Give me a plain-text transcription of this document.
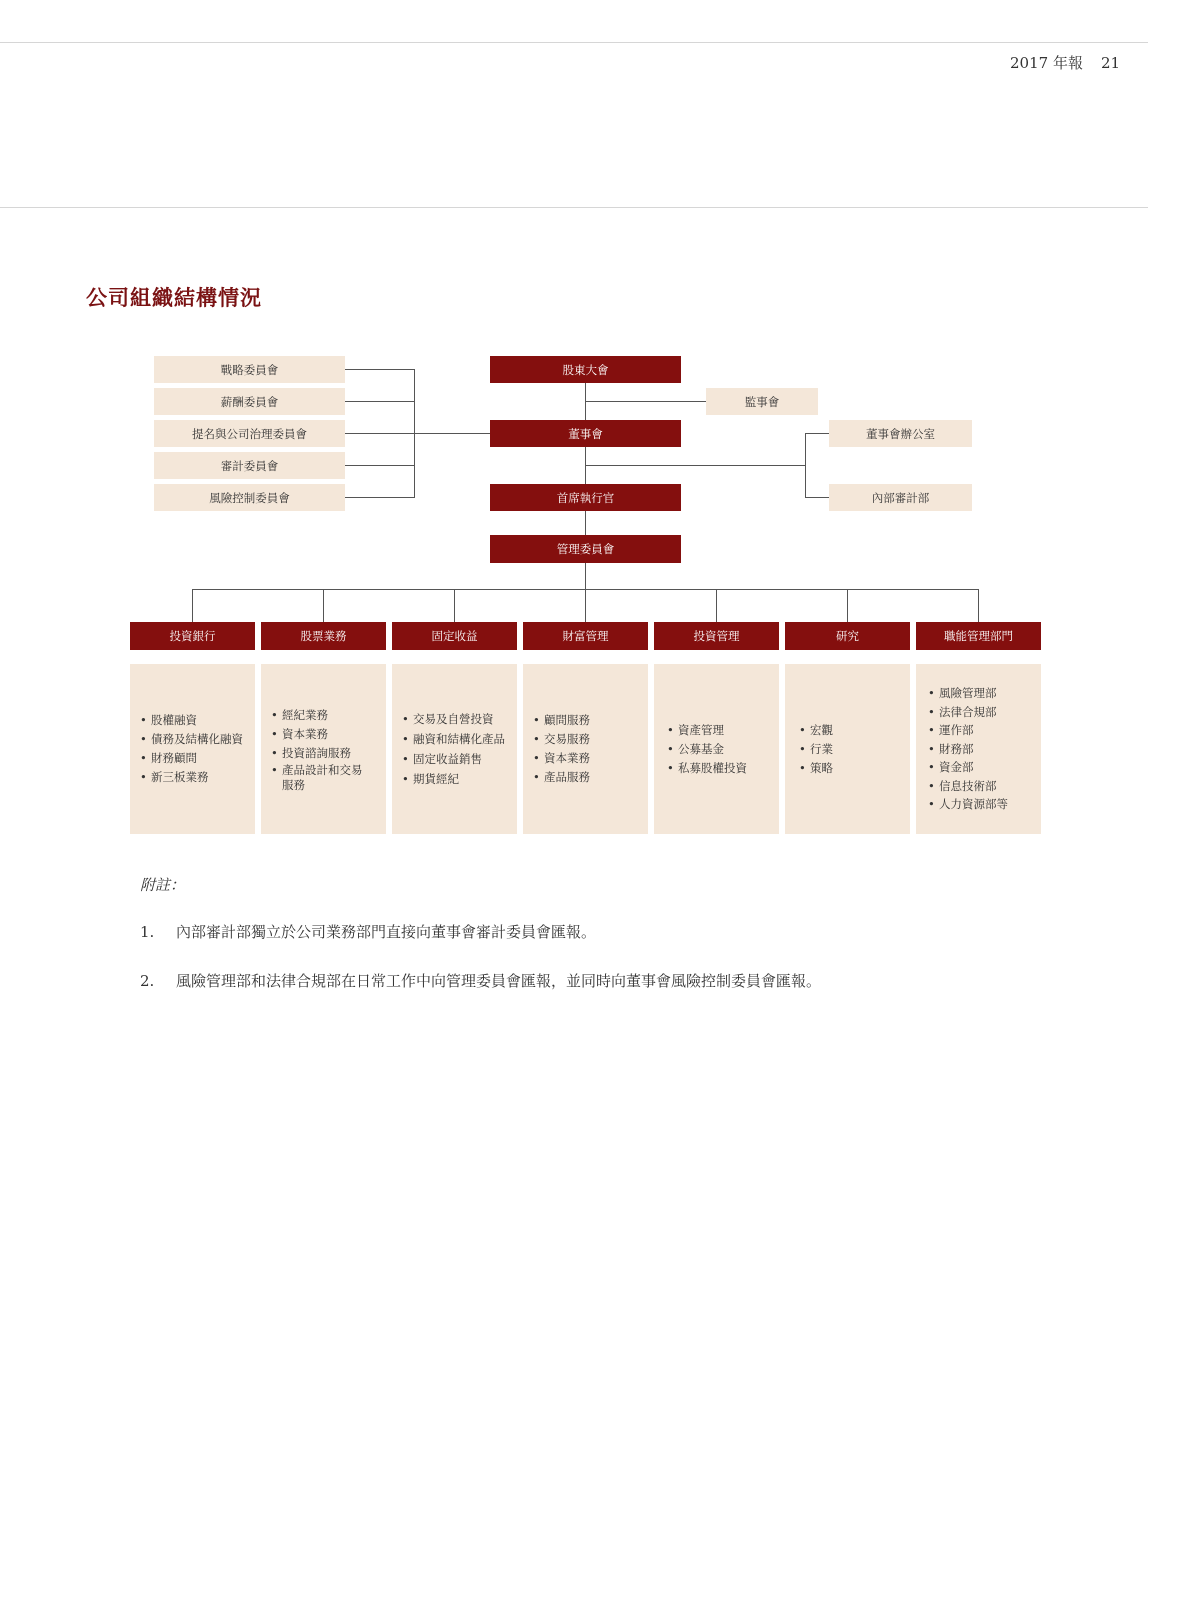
2017 年報 21
公司組織結構情況
戰略委員會
薪酬委員會
提名與公司治理委員會
審計委員會
風險控制委員會
股東大會
董事會
首席執行官
管理委員會
監事會
董事會辦公室
內部審計部
投資銀行	股票業務	固定收益	財富管理	投資管理	研究	職能管理部門
• 股權融資
• 債務及結構化融資
• 財務顧問
• 新三板業務
• 經紀業務
• 資本業務
• 投資諮詢服務
• 產品設計和交易服務
• 交易及自營投資
• 融資和結構化產品
• 固定收益銷售
• 期貨經紀
• 顧問服務
• 交易服務
• 資本業務
• 產品服務
• 資產管理
• 公募基金
• 私募股權投資
• 宏觀
• 行業
• 策略
• 風險管理部
• 法律合規部
• 運作部
• 財務部
• 資金部
• 信息技術部
• 人力資源部等
附註：
1. 內部審計部獨立於公司業務部門直接向董事會審計委員會匯報。
2. 風險管理部和法律合規部在日常工作中向管理委員會匯報，並同時向董事會風險控制委員會匯報。
